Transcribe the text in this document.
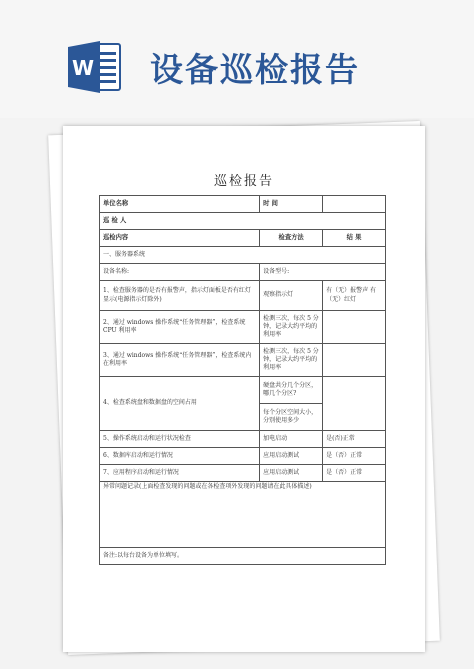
W 设备巡检报告
巡检报告
单位名称	时 间	
巡 检 人		
巡检内容	检查方法	结 果
一、服务器系统		
设备名称:	设备型号:	
1、检查服务器的是否有报警声，指示灯面板是否有红灯显示(电源指示灯除外)	观察指示灯	有（无）报警声 有（无）红灯
2、通过 windows 操作系统“任务管理器”，检查系统 CPU 利用率	检测三次，每次 5 分钟，记录大约平均的利用率	
3、通过 windows 操作系统“任务管理器”，检查系统内在利用率	检测三次，每次 5 分钟，记录大约平均的利用率	
4、检查系统盘和数据盘的空间占用	硬盘共分几个分区，哪几个分区?	
	每个分区空间大小，分别使用多少	
5、操作系统启动和运行状况检查	加电启动	是(否)正常
6、数据库启动和运行情况	应用启动测试	是（否）正常
7、应用程序启动和运行情况	应用启动测试	是（否）正常
异常问题记录(上面检查发现的问题或在各检查项外发现的问题请在此具体描述)		
备注:以每台设备为单位填写。		
